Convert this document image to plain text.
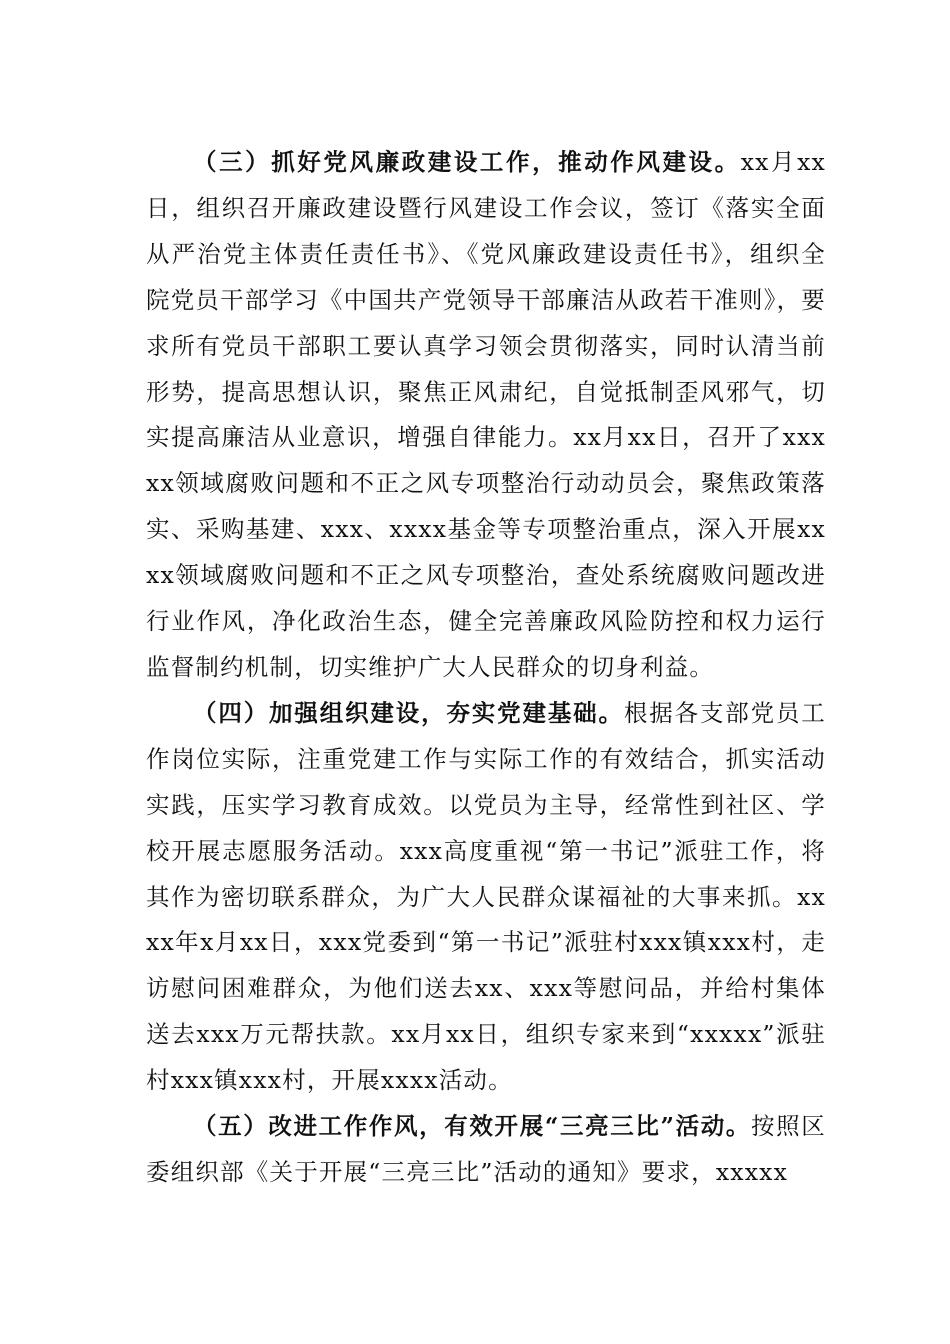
（三）抓好党风廉政建设工作，推动作风建设。xx月xx日，组织召开廉政建设暨行风建设工作会议，签订《落实全面从严治党主体责任责任书》、《党风廉政建设责任书》，组织全院党员干部学习《中国共产党领导干部廉洁从政若干准则》，要求所有党员干部职工要认真学习领会贯彻落实，同时认清当前形势，提高思想认识，聚焦正风肃纪，自觉抵制歪风邪气，切实提高廉洁从业意识，增强自律能力。xx月xx日，召开了xxxxx领域腐败问题和不正之风专项整治行动动员会，聚焦政策落实、采购基建、xxx、xxxx基金等专项整治重点，深入开展xxxx领域腐败问题和不正之风专项整治，查处系统腐败问题改进行业作风，净化政治生态，健全完善廉政风险防控和权力运行监督制约机制，切实维护广大人民群众的切身利益。

（四）加强组织建设，夯实党建基础。根据各支部党员工作岗位实际，注重党建工作与实际工作的有效结合，抓实活动实践，压实学习教育成效。以党员为主导，经常性到社区、学校开展志愿服务活动。xxx高度重视“第一书记”派驻工作，将其作为密切联系群众，为广大人民群众谋福祉的大事来抓。xxxx年x月xx日，xxx党委到“第一书记”派驻村xxx镇xxx村，走访慰问困难群众，为他们送去xx、xxx等慰问品，并给村集体送去xxx万元帮扶款。xx月xx日，组织专家来到“xxxxx”派驻村xxx镇xxx村，开展xxxx活动。

（五）改进工作作风，有效开展“三亮三比”活动。按照区委组织部《关于开展“三亮三比”活动的通知》要求，xxxxx
